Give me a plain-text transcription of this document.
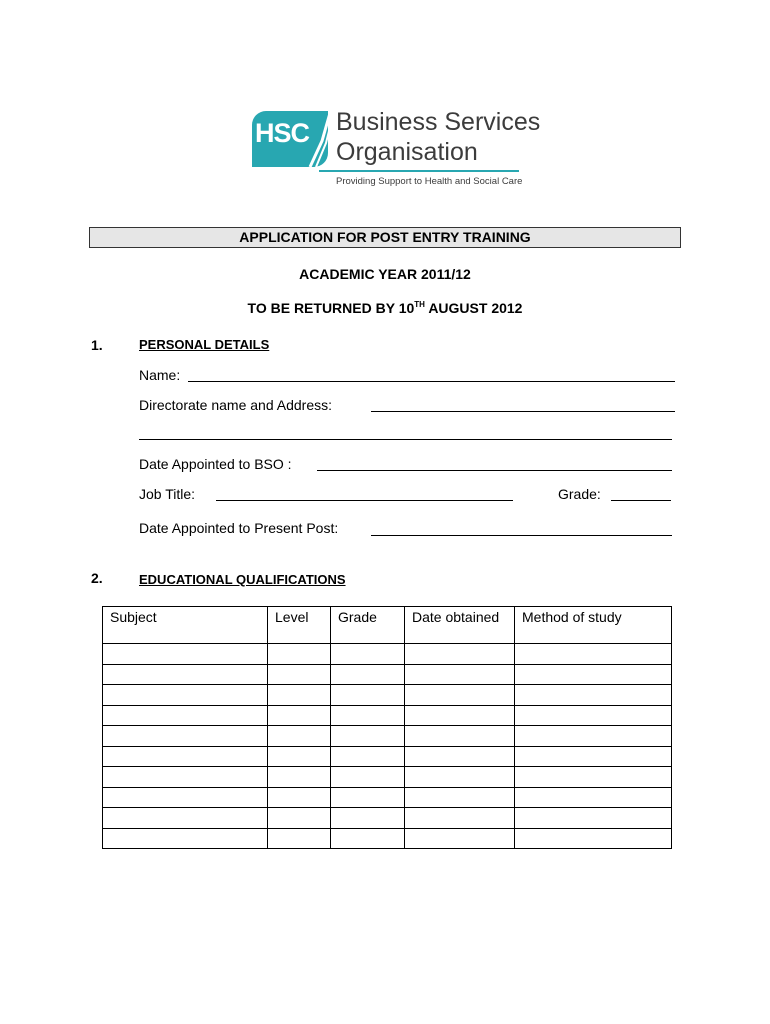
HSC Business Services
Organisation
Providing Support to Health and Social Care
APPLICATION FOR POST ENTRY TRAINING
ACADEMIC YEAR 2011/12
TO BE RETURNED BY 10TH AUGUST 2012
1.	PERSONAL DETAILS
Name:
Directorate name and Address:
Date Appointed to BSO :
Job Title:	Grade:
Date Appointed to Present Post:
2.	EDUCATIONAL QUALIFICATIONS
Subject	Level	Grade	Date obtained	Method of study
